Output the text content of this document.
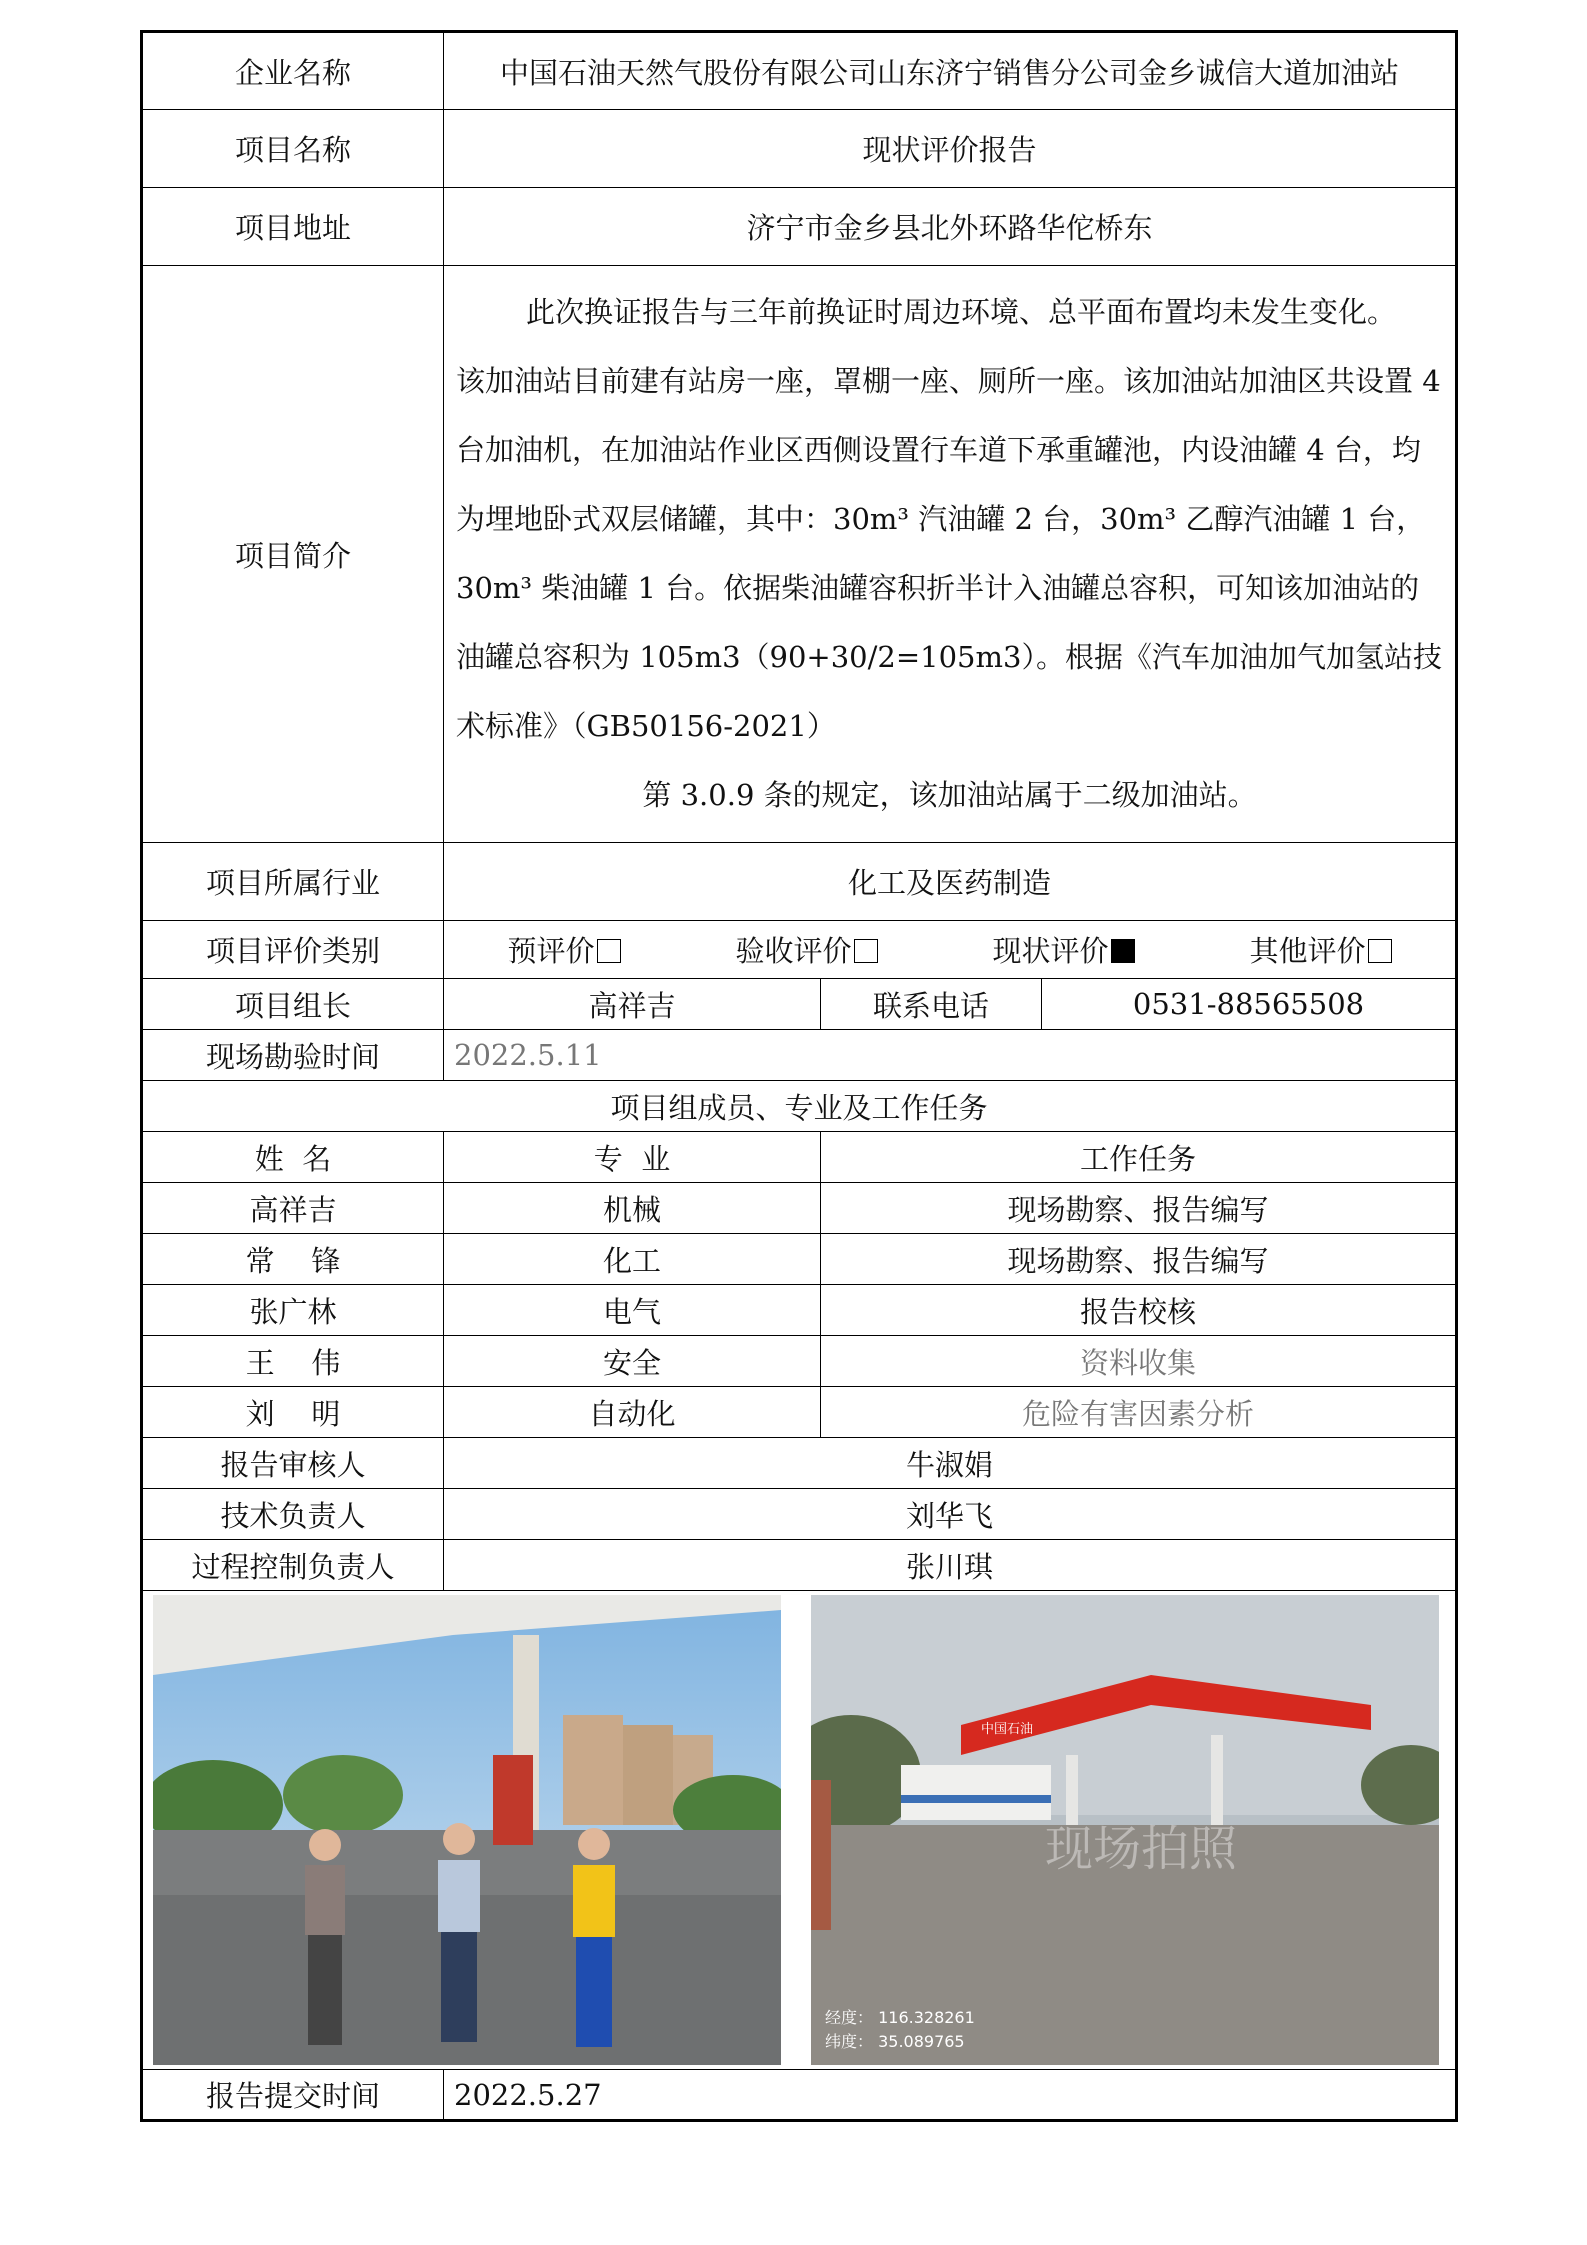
企业名称	中国石油天然气股份有限公司山东济宁销售分公司金乡诚信大道加油站		
项目名称	现状评价报告		
项目地址	济宁市金乡县北外环路华佗桥东		
项目简介	此次换证报告与三年前换证时周边环境、总平面布置均未发生变化。

该加油站目前建有站房一座，罩棚一座、厕所一座。该加油站加油区共设置 4 台加油机，在加油站作业区西侧设置行车道下承重罐池，内设油罐 4 台，均为埋地卧式双层储罐，其中：30m³ 汽油罐 2 台，30m³ 乙醇汽油罐 1 台，30m³ 柴油罐 1 台。依据柴油罐容积折半计入油罐总容积，可知该加油站的油罐总容积为 105m3（90+30/2=105m3）。根据《汽车加油加气加氢站技术标准》（GB50156-2021）

第 3.0.9 条的规定，该加油站属于二级加油站。		

项目所属行业	化工及医药制造		
项目评价类别	预评价 验收评价 现状评价 其他评价		

项目组长	高祥吉	联系电话	0531-88565508
现场勘验时间	2022.5.11		
项目组成员、专业及工作任务			
姓  名	专  业	工作任务	
高祥吉	机械	现场勘察、报告编写	
常    锋	化工	现场勘察、报告编写	
张广林	电气	报告校核	
王    伟	安全	资料收集	
刘    明	自动化	危险有害因素分析	
报告审核人	牛淑娟		
技术负责人	刘华飞		
过程控制负责人	张川琪		

现场拍照
中国石油
经度： 116.328261
纬度： 35.089765			

报告提交时间	2022.5.27		
